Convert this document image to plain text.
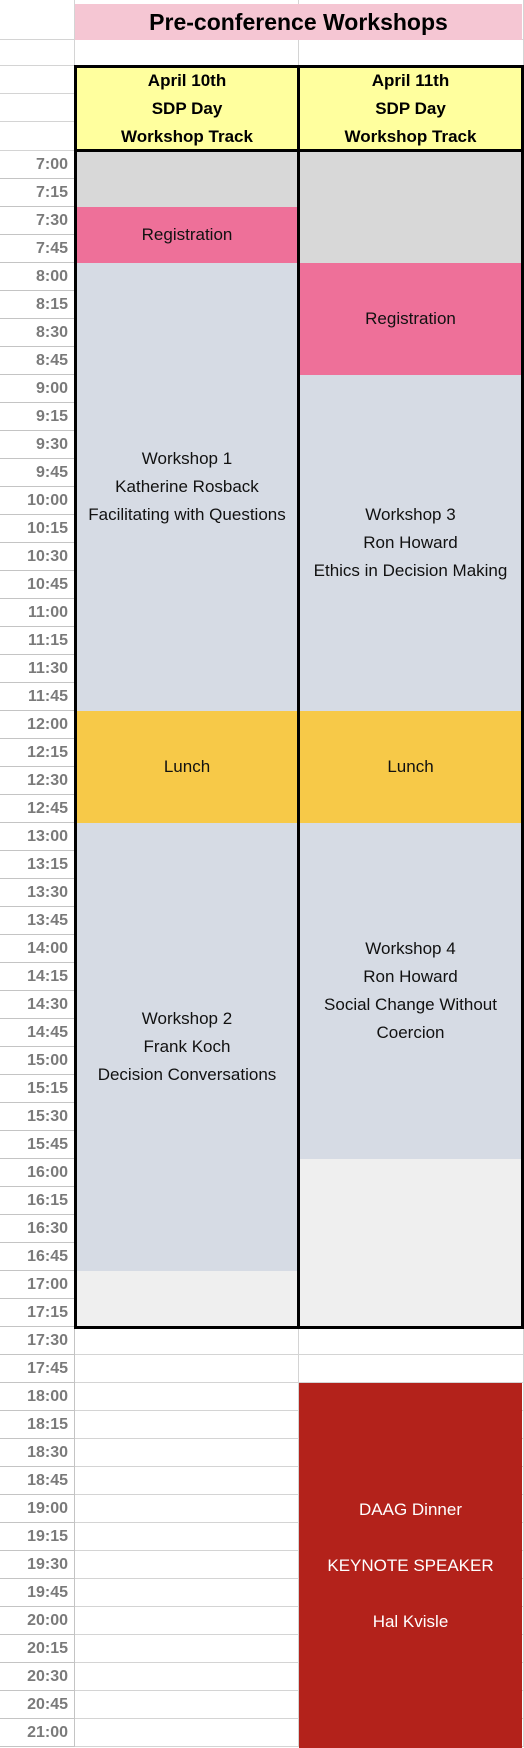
Pre-conference Workshops
April 10th
SDP Day
Workshop Track
April 11th
SDP Day
Workshop Track
7:00
7:15
7:30
7:45
8:00
8:15
8:30
8:45
9:00
9:15
9:30
9:45
10:00
10:15
10:30
10:45
11:00
11:15
11:30
11:45
12:00
12:15
12:30
12:45
13:00
13:15
13:30
13:45
14:00
14:15
14:30
14:45
15:00
15:15
15:30
15:45
16:00
16:15
16:30
16:45
17:00
17:15
17:30
17:45
18:00
18:15
18:30
18:45
19:00
19:15
19:30
19:45
20:00
20:15
20:30
20:45
21:00
Registration
Workshop 1
Katherine Rosback
Facilitating with Questions
Lunch
Workshop 2
Frank Koch
Decision Conversations
Registration
Workshop 3
Ron Howard
Ethics in Decision Making
Lunch
Workshop 4
Ron Howard
Social Change Without
Coercion
DAAG Dinner
KEYNOTE SPEAKER
Hal Kvisle
